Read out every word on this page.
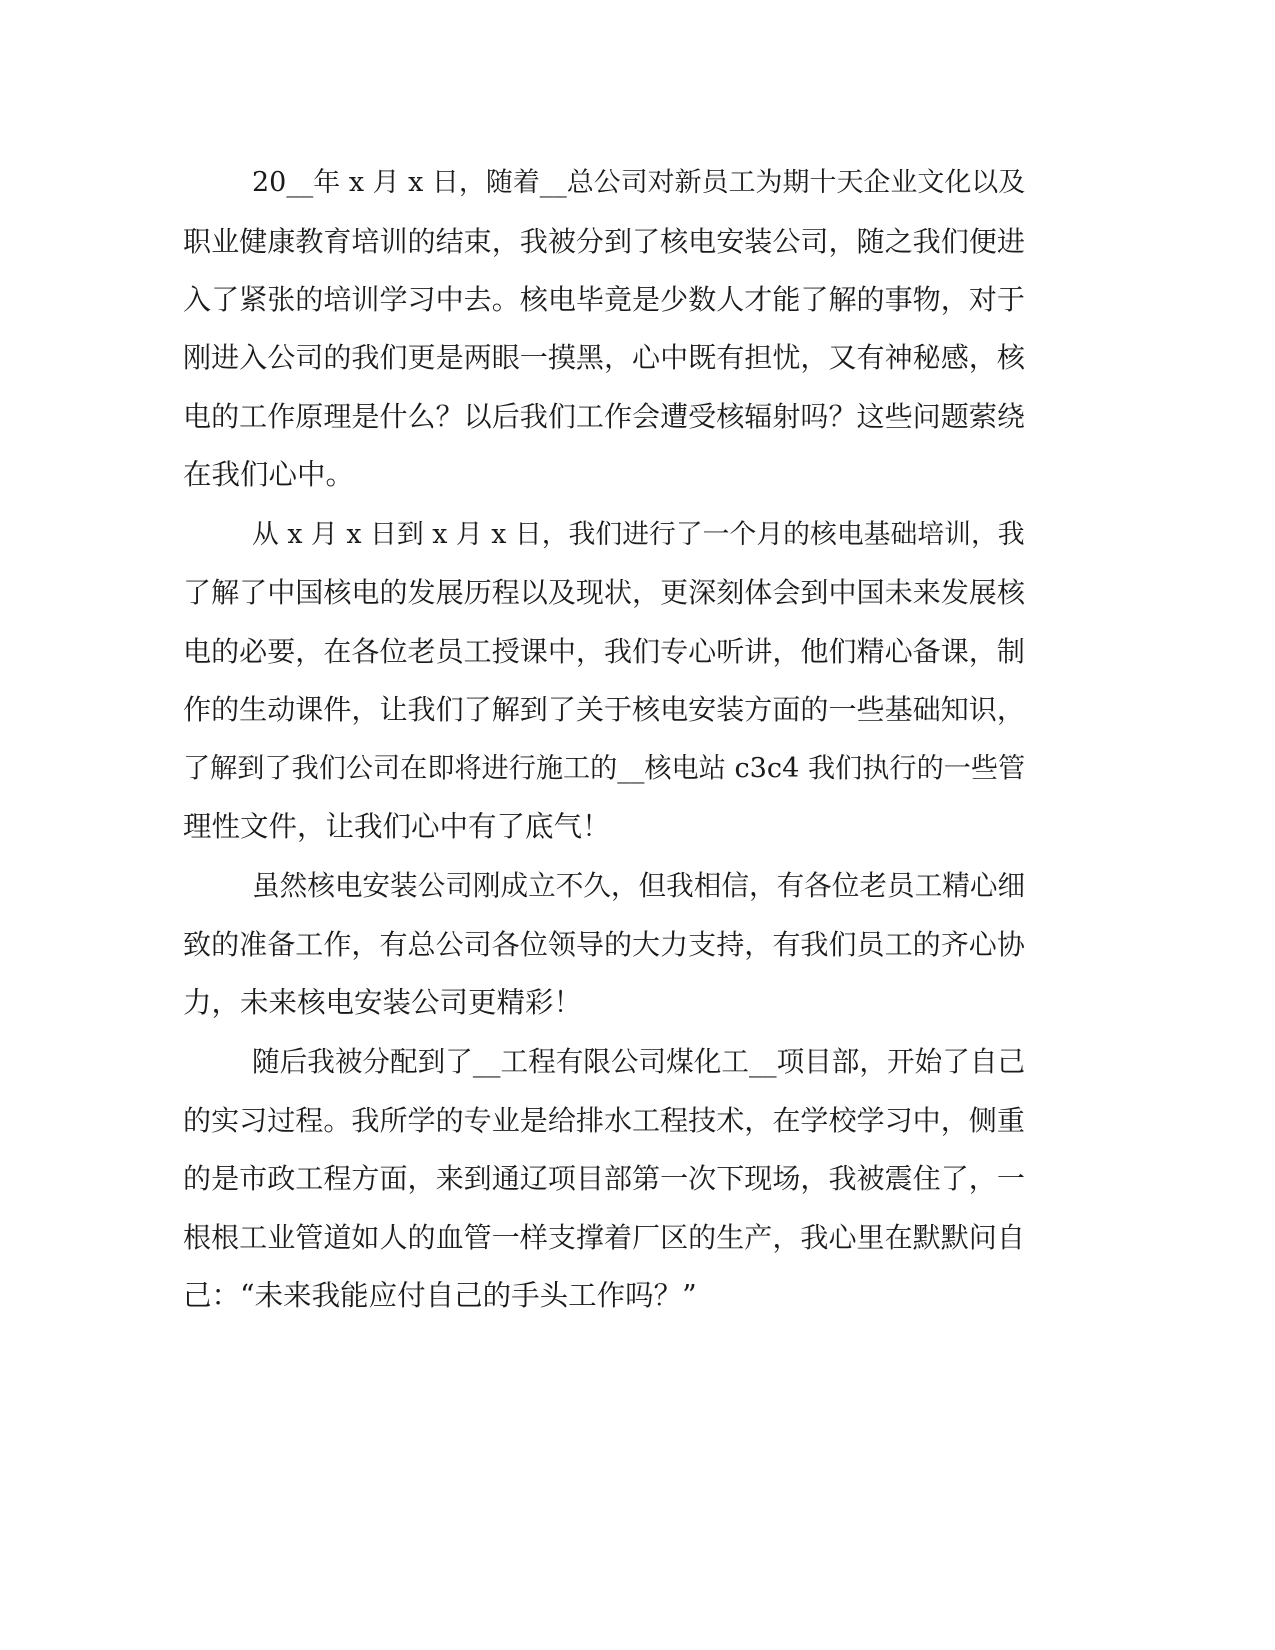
20__年 x 月 x 日，随着__总公司对新员工为期十天企业文化以及
职业健康教育培训的结束，我被分到了核电安装公司，随之我们便进
入了紧张的培训学习中去。核电毕竟是少数人才能了解的事物，对于
刚进入公司的我们更是两眼一摸黑，心中既有担忧，又有神秘感，核
电的工作原理是什么？以后我们工作会遭受核辐射吗？这些问题萦绕
在我们心中。
从 x 月 x 日到 x 月 x 日，我们进行了一个月的核电基础培训，我
了解了中国核电的发展历程以及现状，更深刻体会到中国未来发展核
电的必要，在各位老员工授课中，我们专心听讲，他们精心备课，制
作的生动课件，让我们了解到了关于核电安装方面的一些基础知识，
了解到了我们公司在即将进行施工的__核电站 c3c4 我们执行的一些管
理性文件，让我们心中有了底气！
虽然核电安装公司刚成立不久，但我相信，有各位老员工精心细
致的准备工作，有总公司各位领导的大力支持，有我们员工的齐心协
力，未来核电安装公司更精彩！
随后我被分配到了__工程有限公司煤化工__项目部，开始了自己
的实习过程。我所学的专业是给排水工程技术，在学校学习中，侧重
的是市政工程方面，来到通辽项目部第一次下现场，我被震住了，一
根根工业管道如人的血管一样支撑着厂区的生产，我心里在默默问自
己：“未来我能应付自己的手头工作吗？”
